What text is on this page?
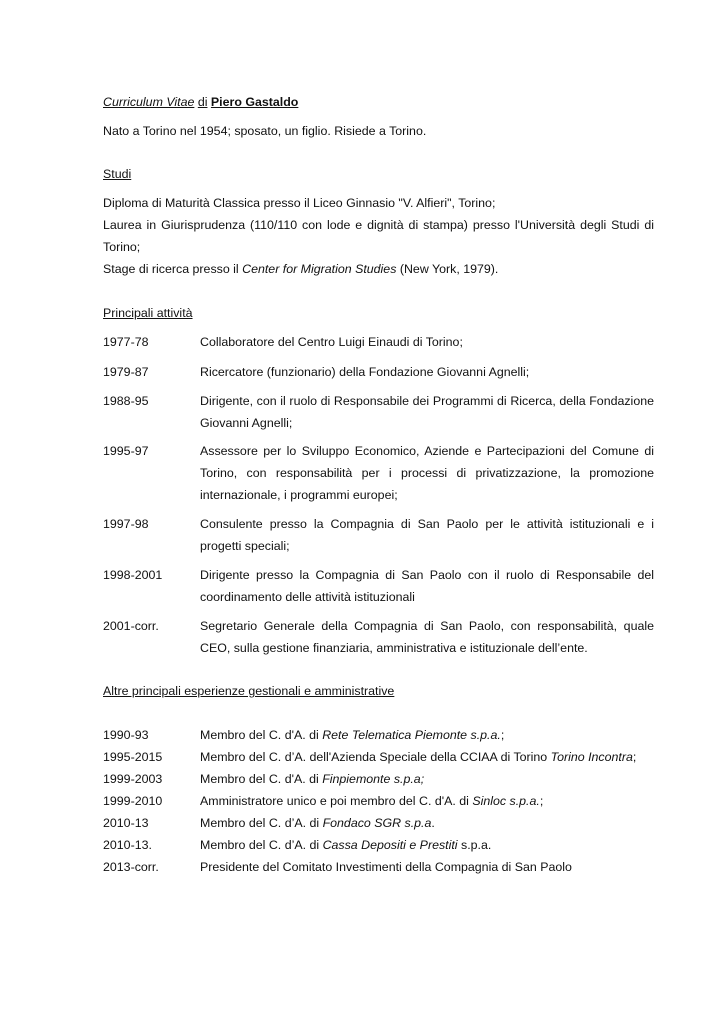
Curriculum Vitae di Piero Gastaldo
Nato a Torino nel 1954; sposato, un figlio. Risiede a Torino.
Studi
Diploma di Maturità Classica presso il Liceo Ginnasio "V. Alfieri", Torino;
Laurea in Giurisprudenza (110/110 con lode e dignità di stampa) presso l'Università degli Studi di Torino;
Stage di ricerca presso il Center for Migration Studies (New York, 1979).
Principali attività
1977-78	Collaboratore del Centro Luigi Einaudi di Torino;
1979-87	Ricercatore (funzionario) della Fondazione Giovanni Agnelli;
1988-95	Dirigente, con il ruolo di Responsabile dei Programmi di Ricerca, della Fondazione Giovanni Agnelli;
1995-97	Assessore per lo Sviluppo Economico, Aziende e Partecipazioni del Comune di Torino, con responsabilità per i processi di privatizzazione, la promozione internazionale, i programmi europei;
1997-98	Consulente presso la Compagnia di San Paolo per le attività istituzionali e i progetti speciali;
1998-2001	Dirigente presso la Compagnia di San Paolo con il ruolo di Responsabile del coordinamento delle attività istituzionali
2001-corr.	Segretario Generale della Compagnia di San Paolo, con responsabilità, quale CEO, sulla gestione finanziaria, amministrativa e istituzionale dell’ente.
Altre principali esperienze gestionali e amministrative
1990-93	Membro del C. d'A. di Rete Telematica Piemonte s.p.a.;
1995-2015	Membro del C. d’A. dell'Azienda Speciale della CCIAA di Torino Torino Incontra;
1999-2003	Membro del C. d'A. di Finpiemonte s.p.a;
1999-2010	Amministratore unico e poi membro del C. d'A. di Sinloc s.p.a.;
2010-13	Membro del C. d’A. di Fondaco SGR s.p.a.
2010-13.	Membro del C. d’A. di Cassa Depositi e Prestiti s.p.a.
2013-corr.	Presidente del Comitato Investimenti della Compagnia di San Paolo
